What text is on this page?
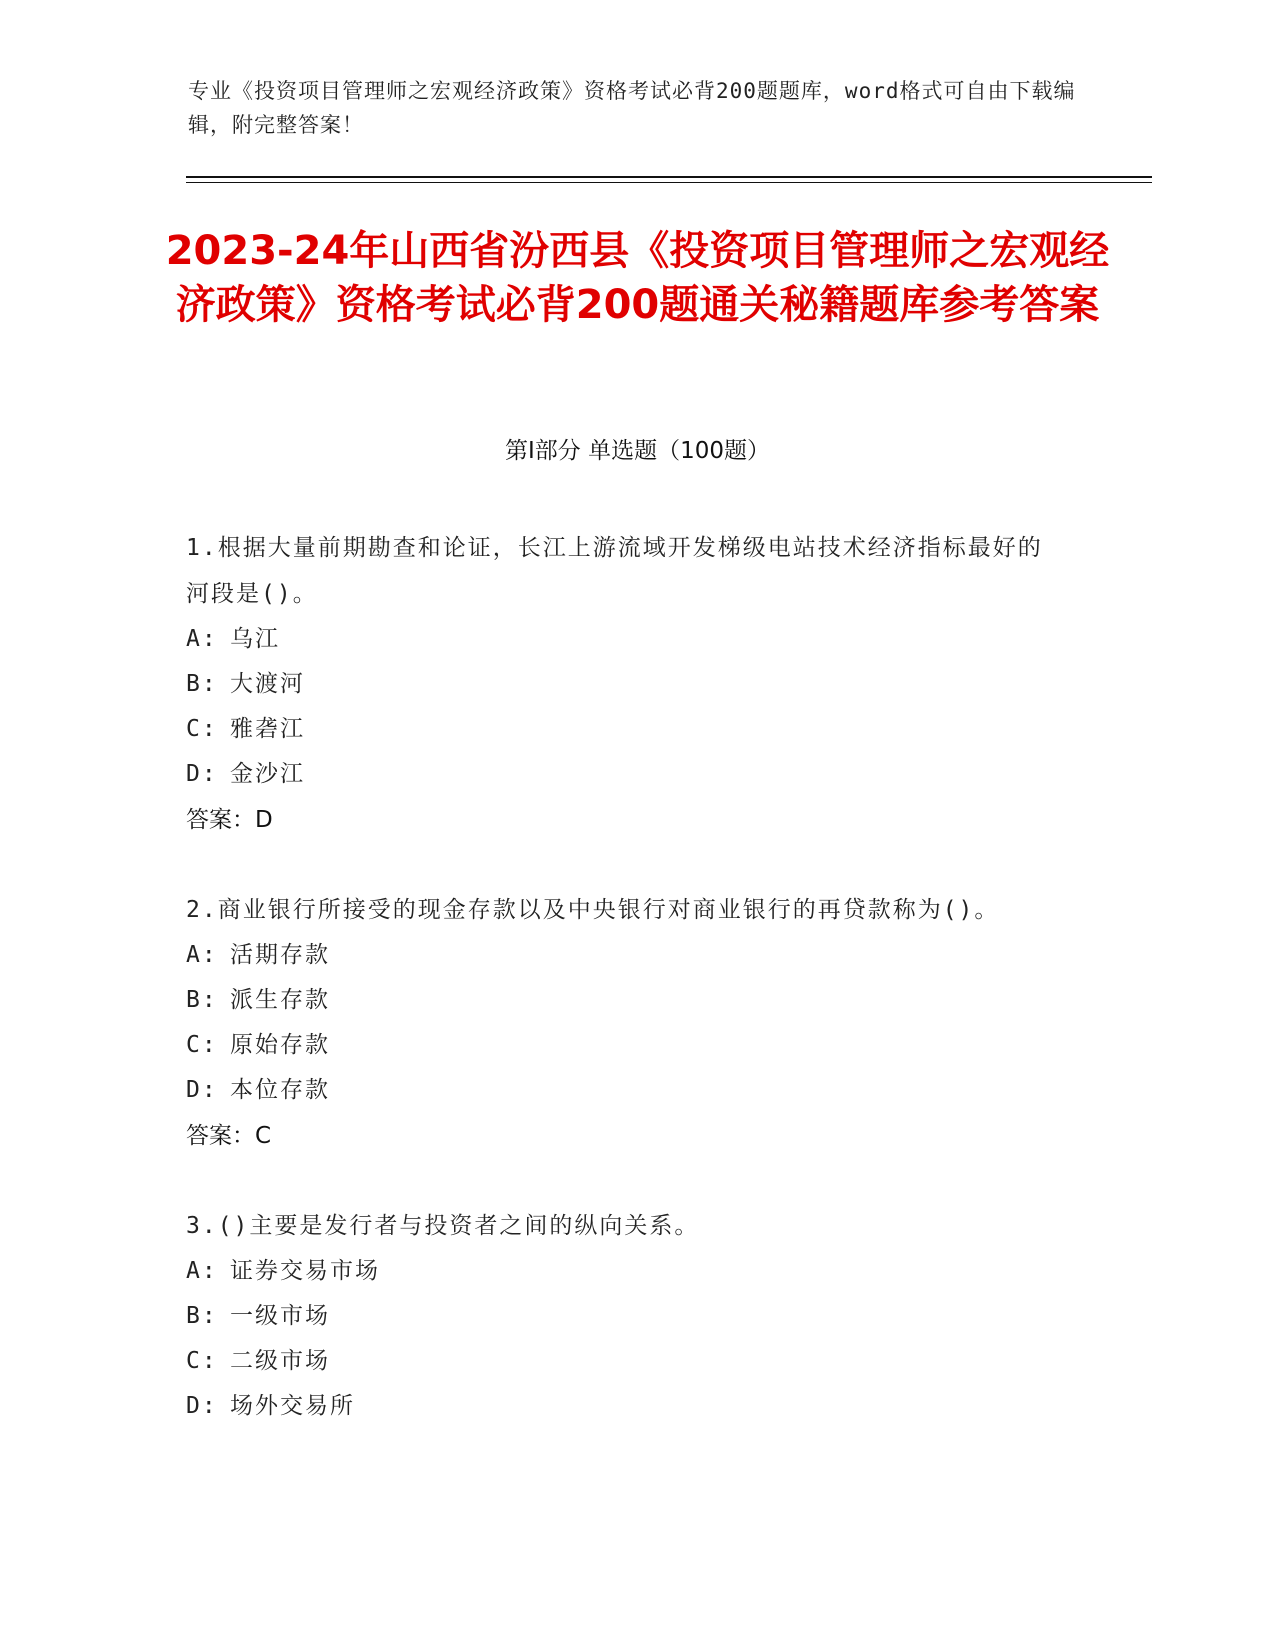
专业《投资项目管理师之宏观经济政策》资格考试必背200题题库，word格式可自由下载编辑，附完整答案！
2023-24年山西省汾西县《投资项目管理师之宏观经济政策》资格考试必背200题通关秘籍题库参考答案
第Ⅰ部分 单选题（100题）
1.根据大量前期勘查和论证，长江上游流域开发梯级电站技术经济指标最好的河段是()。
A: 乌江
B: 大渡河
C: 雅砻江
D: 金沙江
答案：D
2.商业银行所接受的现金存款以及中央银行对商业银行的再贷款称为()。
A: 活期存款
B: 派生存款
C: 原始存款
D: 本位存款
答案：C
3.()主要是发行者与投资者之间的纵向关系。
A: 证券交易市场
B: 一级市场
C: 二级市场
D: 场外交易所
